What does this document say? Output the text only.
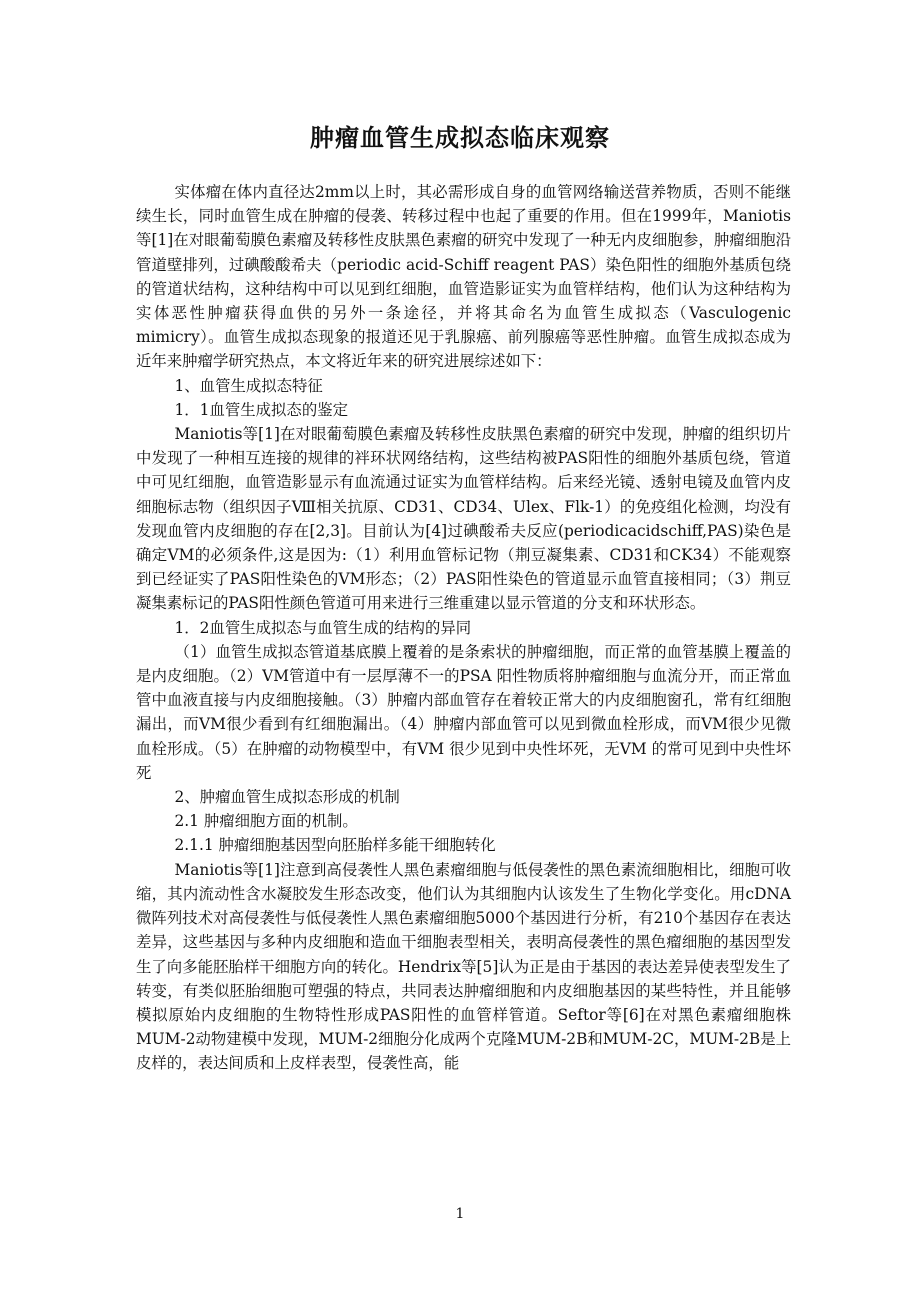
肿瘤血管生成拟态临床观察

实体瘤在体内直径达2mm以上时，其必需形成自身的血管网络输送营养物质，否则不能继续生长，同时血管生成在肿瘤的侵袭、转移过程中也起了重要的作用。但在1999年，Maniotis等[1]在对眼葡萄膜色素瘤及转移性皮肤黑色素瘤的研究中发现了一种无内皮细胞参，肿瘤细胞沿管道壁排列，过碘酸酸希夫（periodic acid-Schiff reagent PAS）染色阳性的细胞外基质包绕的管道状结构，这种结构中可以见到红细胞，血管造影证实为血管样结构，他们认为这种结构为实体恶性肿瘤获得血供的另外一条途径，并将其命名为血管生成拟态（Vasculogenic mimicry）。血管生成拟态现象的报道还见于乳腺癌、前列腺癌等恶性肿瘤。血管生成拟态成为近年来肿瘤学研究热点，本文将近年来的研究进展综述如下：

1、血管生成拟态特征

1．1血管生成拟态的鉴定

Maniotis等[1]在对眼葡萄膜色素瘤及转移性皮肤黑色素瘤的研究中发现，肿瘤的组织切片中发现了一种相互连接的规律的袢环状网络结构，这些结构被PAS阳性的细胞外基质包绕，管道中可见红细胞，血管造影显示有血流通过证实为血管样结构。后来经光镜、透射电镜及血管内皮细胞标志物（组织因子Ⅷ相关抗原、CD31、CD34、Ulex、Flk-1）的免疫组化检测，均没有发现血管内皮细胞的存在[2,3]。目前认为[4]过碘酸希夫反应(periodicacidschiff,PAS)染色是确定VM的必须条件,这是因为:（1）利用血管标记物（荆豆凝集素、CD31和CK34）不能观察到已经证实了PAS阳性染色的VM形态；（2）PAS阳性染色的管道显示血管直接相同；（3）荆豆凝集素标记的PAS阳性颜色管道可用来进行三维重建以显示管道的分支和环状形态。

1．2血管生成拟态与血管生成的结构的异同

（1）血管生成拟态管道基底膜上覆着的是条索状的肿瘤细胞，而正常的血管基膜上覆盖的是内皮细胞。（2）VM管道中有一层厚薄不一的PSA 阳性物质将肿瘤细胞与血流分开，而正常血管中血液直接与内皮细胞接触。（3）肿瘤内部血管存在着较正常大的内皮细胞窗孔，常有红细胞漏出，而VM很少看到有红细胞漏出。（4）肿瘤内部血管可以见到微血栓形成，而VM很少见微血栓形成。（5）在肿瘤的动物模型中，有VM 很少见到中央性坏死，无VM 的常可见到中央性坏死

2、肿瘤血管生成拟态形成的机制

2.1 肿瘤细胞方面的机制。

2.1.1 肿瘤细胞基因型向胚胎样多能干细胞转化

Maniotis等[1]注意到高侵袭性人黑色素瘤细胞与低侵袭性的黑色素流细胞相比，细胞可收缩，其内流动性含水凝胶发生形态改变，他们认为其细胞内认该发生了生物化学变化。用cDNA微阵列技术对高侵袭性与低侵袭性人黑色素瘤细胞5000个基因进行分析，有210个基因存在表达差异，这些基因与多种内皮细胞和造血干细胞表型相关，表明高侵袭性的黑色瘤细胞的基因型发生了向多能胚胎样干细胞方向的转化。Hendrix等[5]认为正是由于基因的表达差异使表型发生了转变，有类似胚胎细胞可塑强的特点，共同表达肿瘤细胞和内皮细胞基因的某些特性，并且能够模拟原始内皮细胞的生物特性形成PAS阳性的血管样管道。Seftor等[6]在对黑色素瘤细胞株MUM-2动物建模中发现，MUM-2细胞分化成两个克隆MUM-2B和MUM-2C，MUM-2B是上皮样的，表达间质和上皮样表型，侵袭性高，能

1
